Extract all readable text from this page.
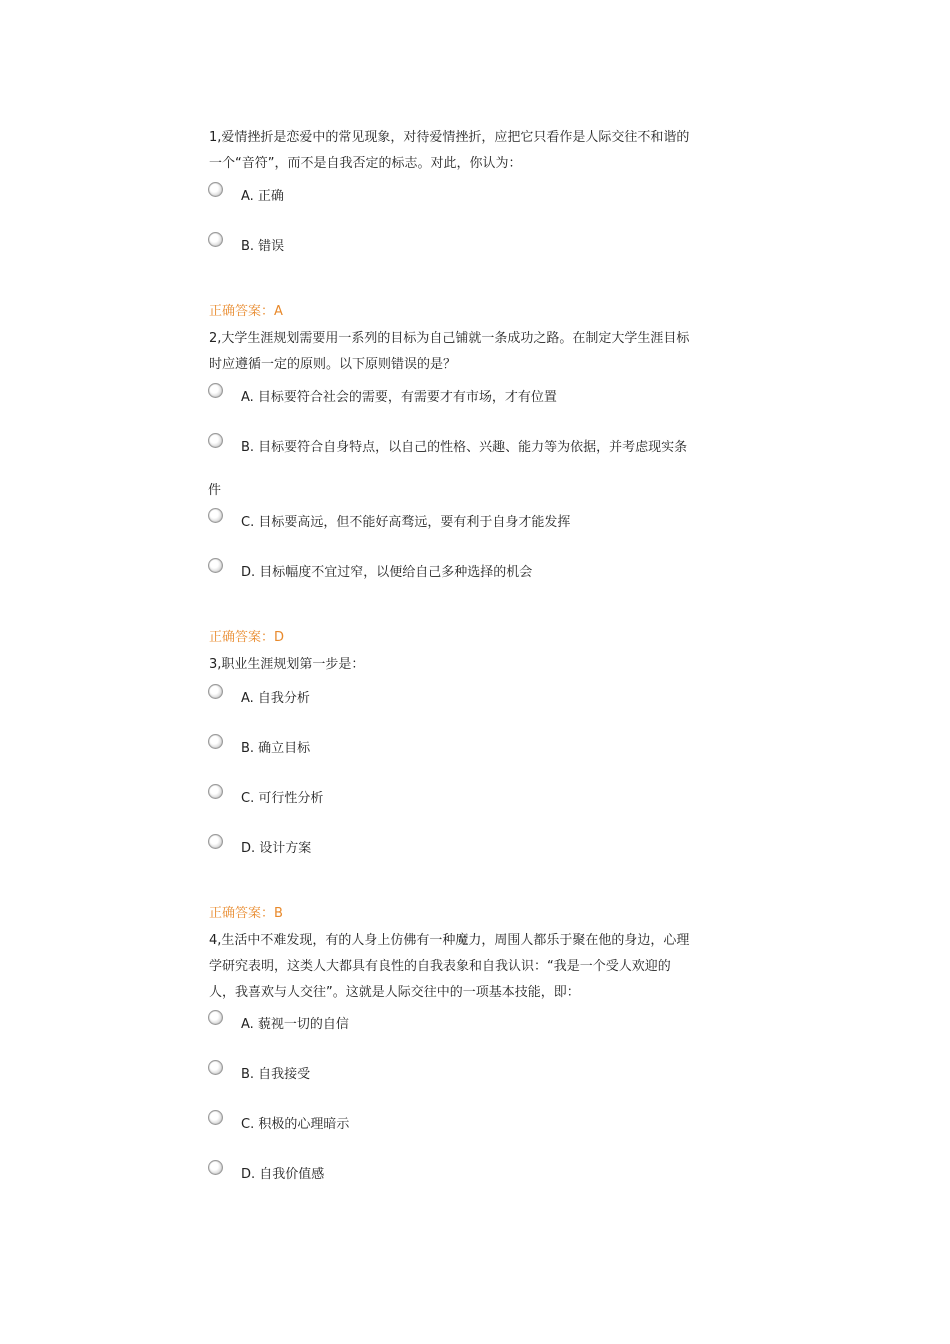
1,爱情挫折是恋爱中的常见现象，对待爱情挫折，应把它只看作是人际交往不和谐的
一个“音符”，而不是自我否定的标志。对此，你认为：
A. 正确
B. 错误
正确答案：A
2,大学生涯规划需要用一系列的目标为自己铺就一条成功之路。在制定大学生涯目标
时应遵循一定的原则。以下原则错误的是？
A. 目标要符合社会的需要，有需要才有市场，才有位置
B. 目标要符合自身特点，以自己的性格、兴趣、能力等为依据，并考虑现实条
件
C. 目标要高远，但不能好高骛远，要有利于自身才能发挥
D. 目标幅度不宜过窄，以便给自己多种选择的机会
正确答案：D
3,职业生涯规划第一步是：
A. 自我分析
B. 确立目标
C. 可行性分析
D. 设计方案
正确答案：B
4,生活中不难发现，有的人身上仿佛有一种魔力，周围人都乐于聚在他的身边，心理
学研究表明，这类人大都具有良性的自我表象和自我认识：“我是一个受人欢迎的
人，我喜欢与人交往”。这就是人际交往中的一项基本技能，即：
A. 藐视一切的自信
B. 自我接受
C. 积极的心理暗示
D. 自我价值感
